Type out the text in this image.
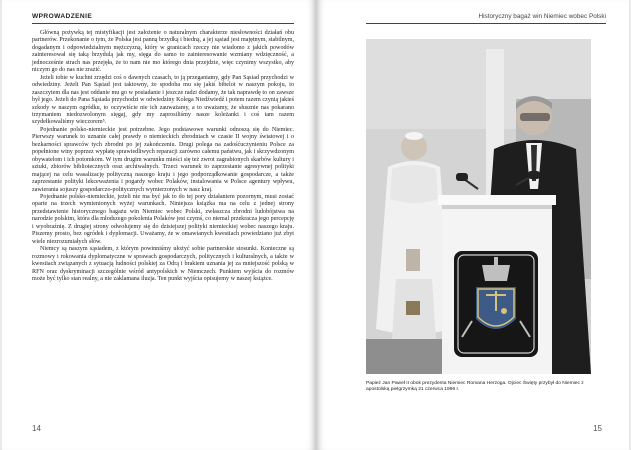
WPROWADZENIE

Główną pożywką tej mistyfikacji jest założenie o naturalnym charakterze niesłowności działań obu partnerów. Przekonanie o tym, że Polska jest panną brzydką i biedną, a jej sąsiad jest majętnym, stabilnym, dogadanym i odpowiedzialnym mężczyzną, który w granicach rzeczy nie wiadomo z jakich powodów zainteresował się taką brzydulą jak my, sięga do samo to zainteresowanie wzmiany wdzięczność, a jednocześnie strach nas przejęła, że to nam nie mo którego dnia przejdzie, więc czynimy wszystko, aby niczym go do nas nie zrazić.

Jeżeli tobie w kuchni zrzędzi coś o dawnych czasach, to ją przeganiamy, gdy Pan Sąsiad przychodzi w odwiedziny. Jeżeli Pan Sąsiad jest taktowny, że spodoba mu się jakiś bibelot w naszym pokoju, to zaszczytem dla nas jest oddanie mu go w posiadanie i jeszcze radzi dodamy, że tak naprawdę to on zawsze był jego. Jeżeli do Pana Sąsiada przychodzi w odwiedziny Kolega Niedźwiedź i potem razem czynią jakieś szkody w naszym ogródku, to oczywiście nie ich zauważamy, a to uważamy, że słusznie nas pokarano trzymaniem niedozwolonym sięgaj, gdy my zaprosiliśmy nasze koleżanki i coś tam razem szydełkowaliśmy wieczorem⁵.

Pojednanie polsko-niemieckie jest potrzebne. Jego podstawowe warunki odnoszą się do Niemiec. Pierwszy warunek to uznanie całej prawdy o niemieckich zbrodniach w czasie II wojny światowej i o bezkarności sprawców tych zbrodni po jej zakończeniu. Drugi polega na zadośćuczynieniu Polsce za popełnione winy poprzez wypłatę sprawiedliwych reparacji zarówno całemu państwu, jak i skrzywdzonym obywatelom i ich potomkom. W tym drugim warunku mieści się też zwrot zagrabionych skarbów kultury i sztuki, zbiorów bibliotecznych oraz archiwalnych. Trzeci warunek to zaprzestanie agresywnej polityki mającej na celu wasalizację polityczną naszego kraju i jego podporządkowanie gospodarcze, a także zaprzestanie polityki lekceważenia i pogardy wobec Polaków, instalowania w Polsce agentury wpływu, zawierania sojuszy gospodarczo-politycznych wymierzonych w nasz kraj.

Pojednanie polsko-niemieckie, jeżeli nie ma być jak to do tej pory działaniem pozornym, musi zostać oparte na trzech wymienionych wyżej warunkach. Niniejsza książka ma na celu z jednej strony przedstawienie historycznego bagażu win Niemiec wobec Polski, zwłaszcza zbrodni ludobójstwa na narodzie polskim, która dla młodszego pokolenia Polaków jest czymś, co niemal przekracza jego percepcję i wyobraźnię. Z drugiej strony odwołujemy się do dzisiejszej polityki niemieckiej wobec naszego kraju. Piszemy prosto, bez ogródek i dyplomacji. Uważamy, że w omawianych kwestiach powiedziano już zbyt wiele niezrozumiałych słów.

Niemcy są naszym sąsiadem, z którym powinniśmy ułożyć sobie partnerskie stosunki. Konieczne są rozmowy i rokowania dyplomatyczne w sprawach gospodarczych, politycznych i kulturalnych, a także w kwestiach związanych z sytuacją ludności polskiej za Odrą i brakiem uznania jej za mniejszość polską w RFN oraz dyskryminacji szczególnie wśród antypolskich w Niemczech. Punktem wyjścia do rozmów może być tylko stan realny, a nie zaklamana iluzja. Ten punkt wyjścia opisujemy w naszej książce.

14
Historyczny bagaż win Niemiec wobec Polski
Papież Jan Paweł II obok prezydenta Niemiec Romana Herzoga. Ojciec Święty przybył do Niemiec z apostolską pielgrzymką 21 czerwca 1996 r.
15
